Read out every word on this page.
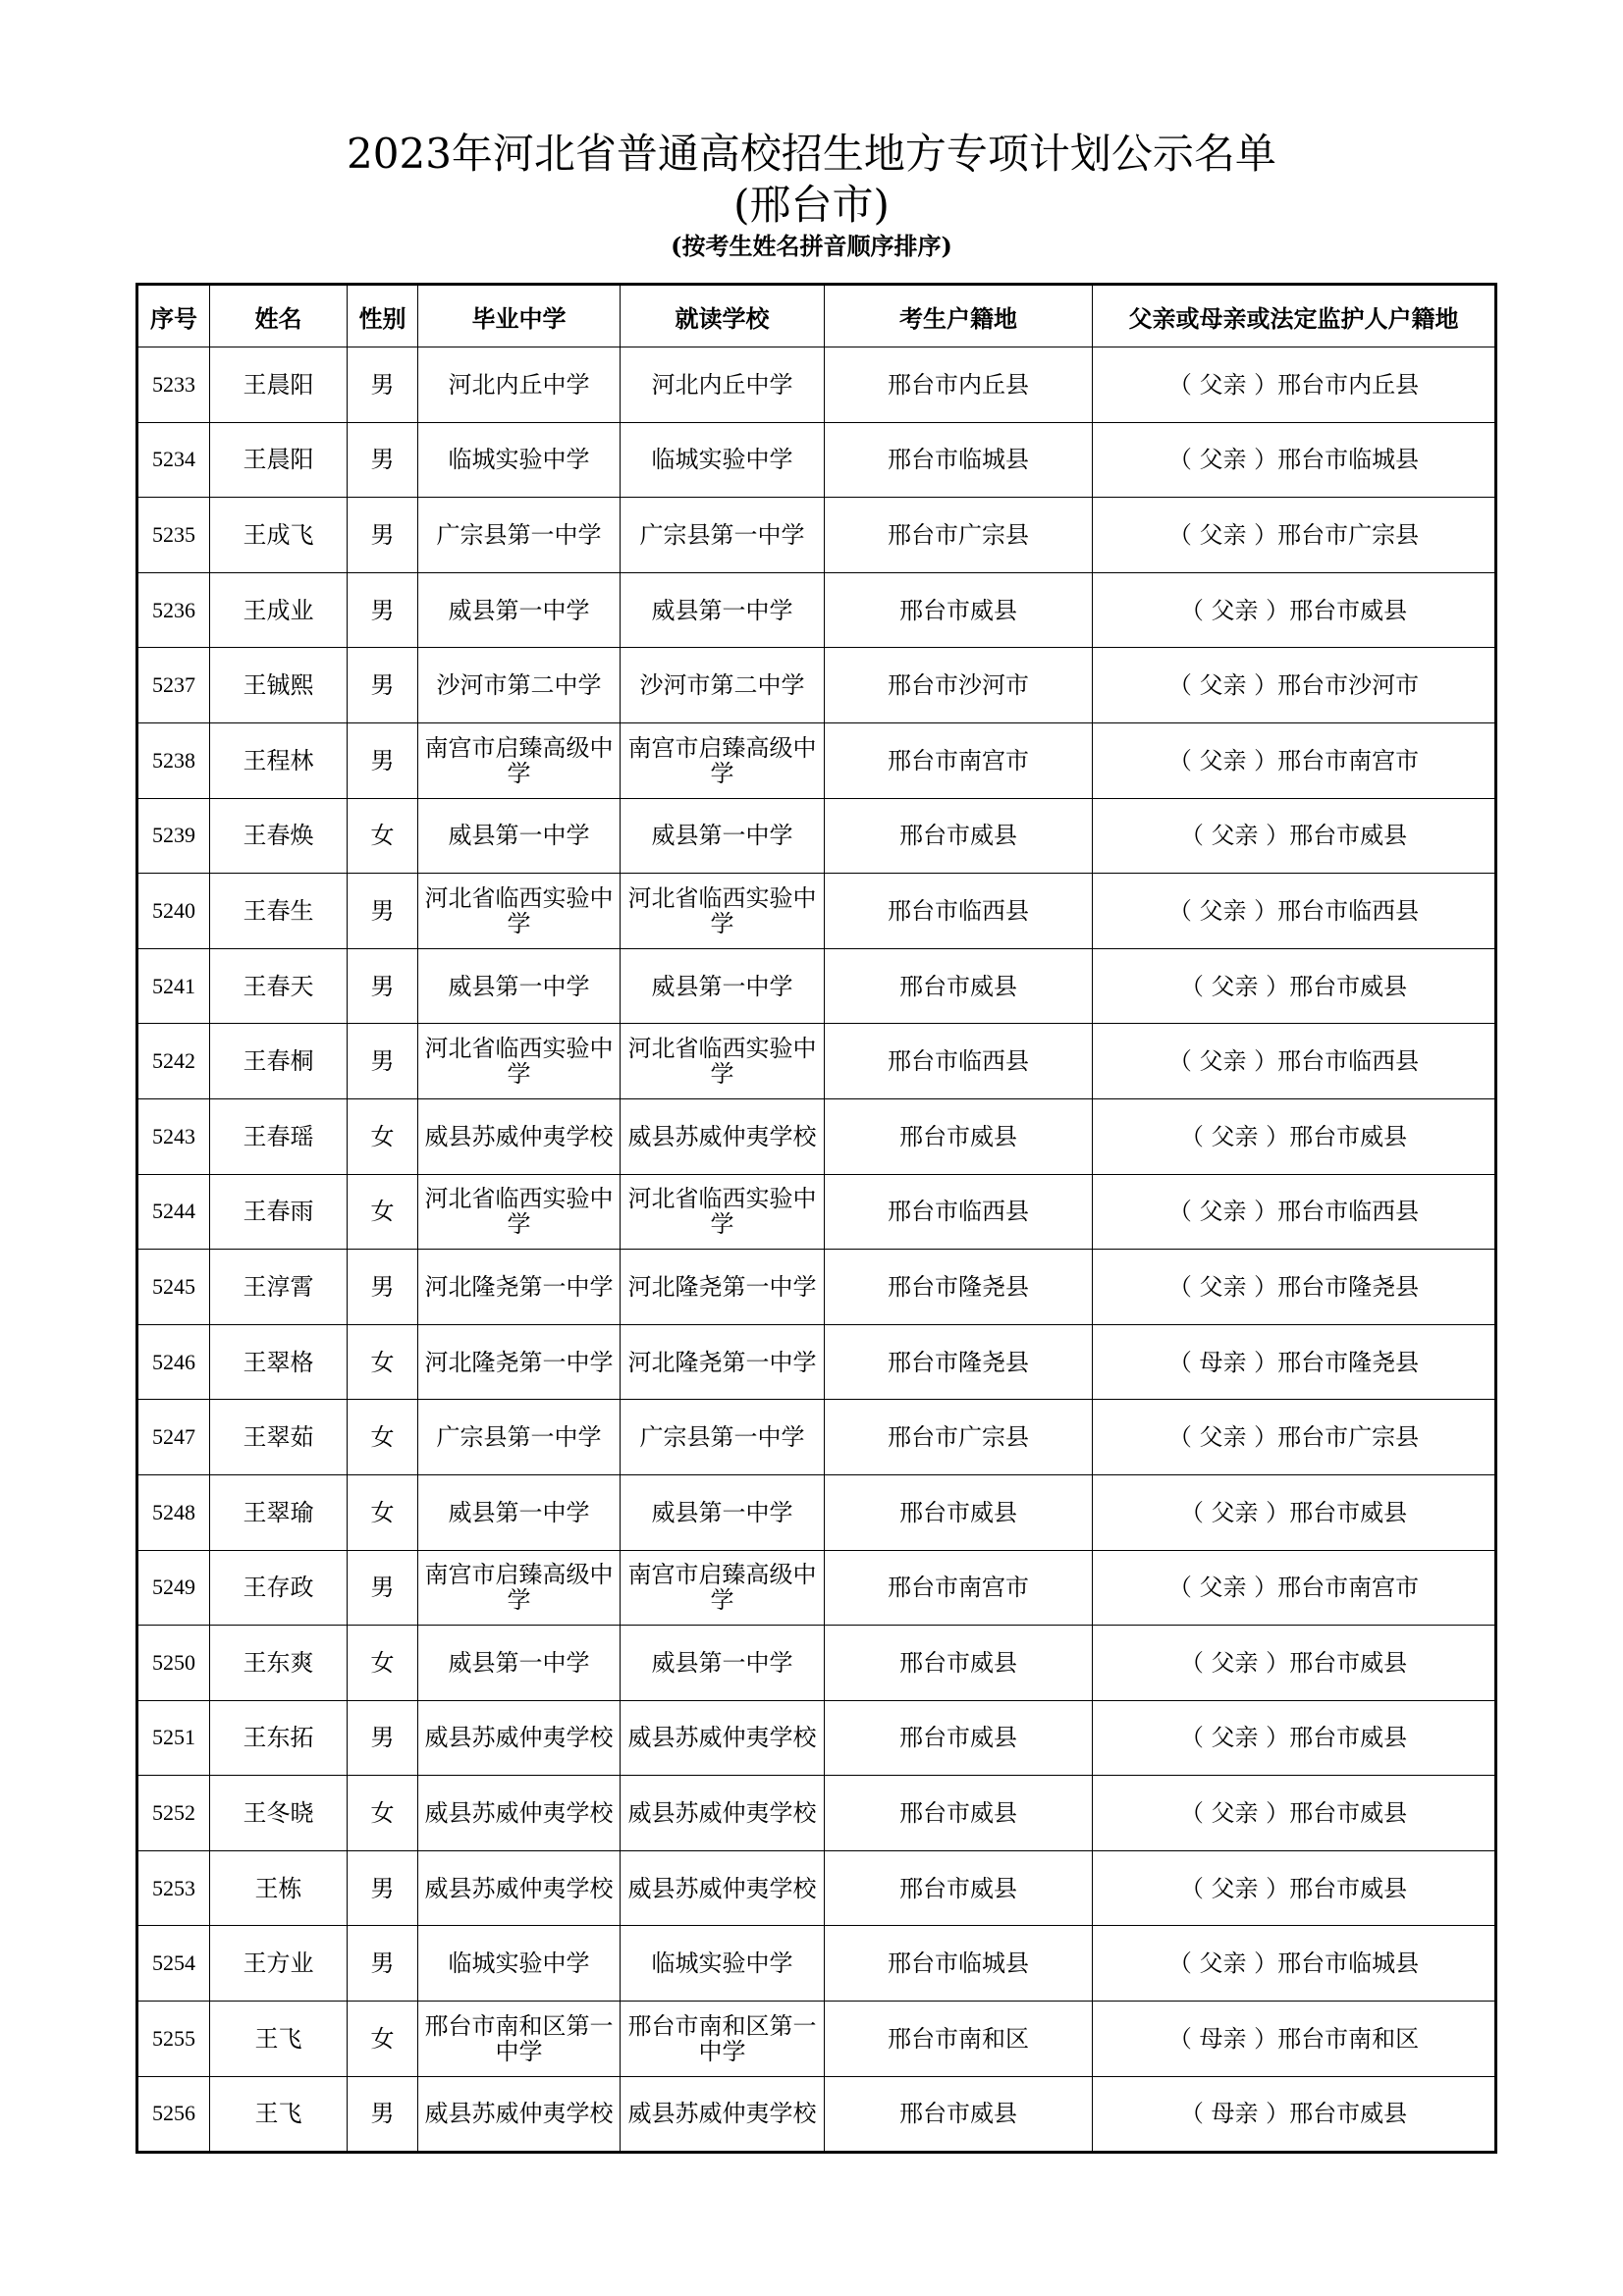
2023年河北省普通高校招生地方专项计划公示名单
(邢台市)
(按考生姓名拼音顺序排序)
序号	姓名	性别	毕业中学	就读学校	考生户籍地	父亲或母亲或法定监护人户籍地
5233	王晨阳	男	河北内丘中学	河北内丘中学	邢台市内丘县	（ 父亲 ）邢台市内丘县
5234	王晨阳	男	临城实验中学	临城实验中学	邢台市临城县	（ 父亲 ）邢台市临城县
5235	王成飞	男	广宗县第一中学	广宗县第一中学	邢台市广宗县	（ 父亲 ）邢台市广宗县
5236	王成业	男	威县第一中学	威县第一中学	邢台市威县	（ 父亲 ）邢台市威县
5237	王铖熙	男	沙河市第二中学	沙河市第二中学	邢台市沙河市	（ 父亲 ）邢台市沙河市
5238	王程林	男	南宫市启臻高级中学	南宫市启臻高级中学	邢台市南宫市	（ 父亲 ）邢台市南宫市
5239	王春焕	女	威县第一中学	威县第一中学	邢台市威县	（ 父亲 ）邢台市威县
5240	王春生	男	河北省临西实验中学	河北省临西实验中学	邢台市临西县	（ 父亲 ）邢台市临西县
5241	王春天	男	威县第一中学	威县第一中学	邢台市威县	（ 父亲 ）邢台市威县
5242	王春桐	男	河北省临西实验中学	河北省临西实验中学	邢台市临西县	（ 父亲 ）邢台市临西县
5243	王春瑶	女	威县苏威仲夷学校	威县苏威仲夷学校	邢台市威县	（ 父亲 ）邢台市威县
5244	王春雨	女	河北省临西实验中学	河北省临西实验中学	邢台市临西县	（ 父亲 ）邢台市临西县
5245	王淳霄	男	河北隆尧第一中学	河北隆尧第一中学	邢台市隆尧县	（ 父亲 ）邢台市隆尧县
5246	王翠格	女	河北隆尧第一中学	河北隆尧第一中学	邢台市隆尧县	（ 母亲 ）邢台市隆尧县
5247	王翠茹	女	广宗县第一中学	广宗县第一中学	邢台市广宗县	（ 父亲 ）邢台市广宗县
5248	王翠瑜	女	威县第一中学	威县第一中学	邢台市威县	（ 父亲 ）邢台市威县
5249	王存政	男	南宫市启臻高级中学	南宫市启臻高级中学	邢台市南宫市	（ 父亲 ）邢台市南宫市
5250	王东爽	女	威县第一中学	威县第一中学	邢台市威县	（ 父亲 ）邢台市威县
5251	王东拓	男	威县苏威仲夷学校	威县苏威仲夷学校	邢台市威县	（ 父亲 ）邢台市威县
5252	王冬晓	女	威县苏威仲夷学校	威县苏威仲夷学校	邢台市威县	（ 父亲 ）邢台市威县
5253	王栋	男	威县苏威仲夷学校	威县苏威仲夷学校	邢台市威县	（ 父亲 ）邢台市威县
5254	王方业	男	临城实验中学	临城实验中学	邢台市临城县	（ 父亲 ）邢台市临城县
5255	王飞	女	邢台市南和区第一中学	邢台市南和区第一中学	邢台市南和区	（ 母亲 ）邢台市南和区
5256	王飞	男	威县苏威仲夷学校	威县苏威仲夷学校	邢台市威县	（ 母亲 ）邢台市威县
